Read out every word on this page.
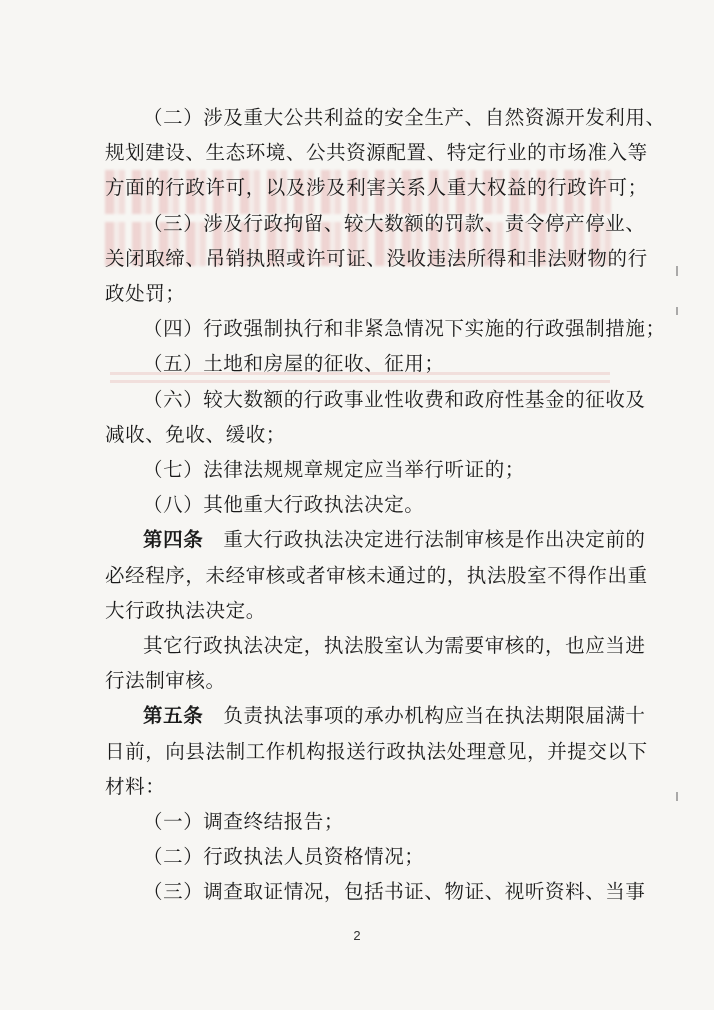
（二）涉及重大公共利益的安全生产、自然资源开发利用、
规划建设、生态环境、公共资源配置、特定行业的市场准入等
方面的行政许可，以及涉及利害关系人重大权益的行政许可；
（三）涉及行政拘留、较大数额的罚款、责令停产停业、
关闭取缔、吊销执照或许可证、没收违法所得和非法财物的行
政处罚；
（四）行政强制执行和非紧急情况下实施的行政强制措施；
（五）土地和房屋的征收、征用；
（六）较大数额的行政事业性收费和政府性基金的征收及
减收、免收、缓收；
（七）法律法规规章规定应当举行听证的；
（八）其他重大行政执法决定。
第四条　重大行政执法决定进行法制审核是作出决定前的
必经程序，未经审核或者审核未通过的，执法股室不得作出重
大行政执法决定。
其它行政执法决定，执法股室认为需要审核的，也应当进
行法制审核。
2
第五条　负责执法事项的承办机构应当在执法期限届满十
日前，向县法制工作机构报送行政执法处理意见，并提交以下
材料：
（一）调查终结报告；
（二）行政执法人员资格情况；
（三）调查取证情况，包括书证、物证、视听资料、当事
